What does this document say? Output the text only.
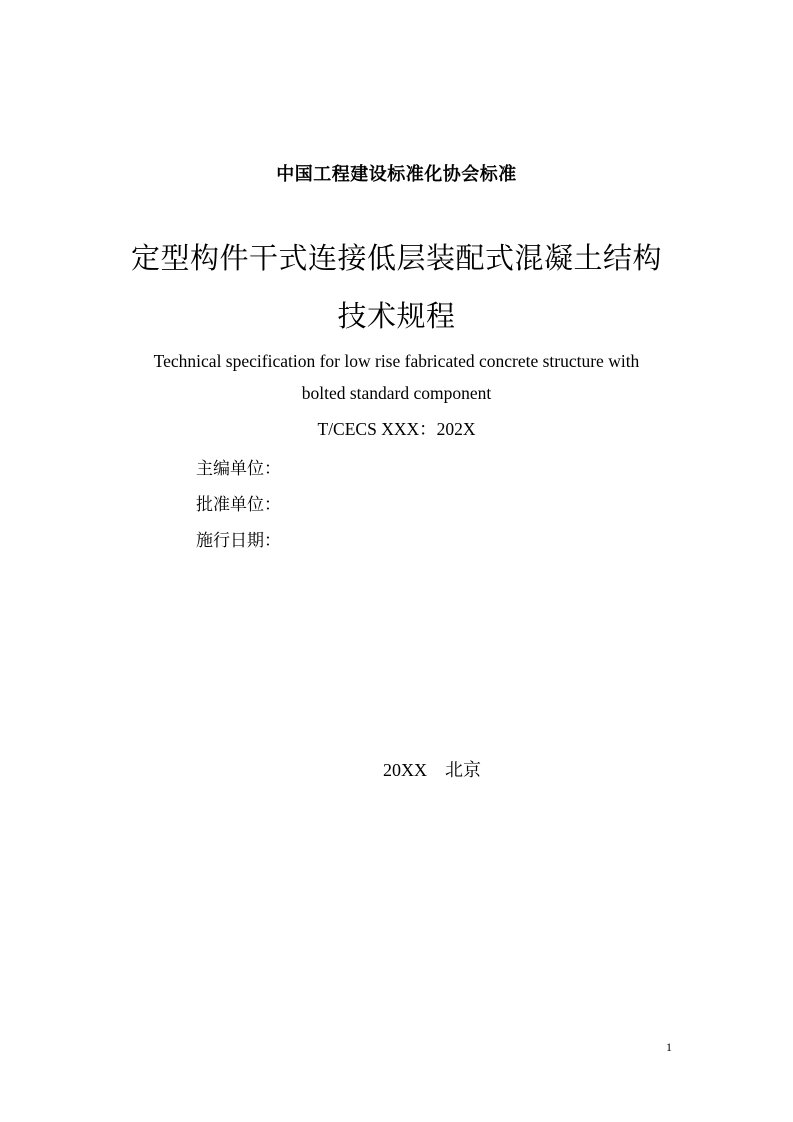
中国工程建设标准化协会标准
定型构件干式连接低层装配式混凝土结构
技术规程
Technical specification for low rise fabricated concrete structure with
bolted standard component
T/CECS XXX：202X
主编单位：
批准单位：
施行日期：
20XX 北京
1
